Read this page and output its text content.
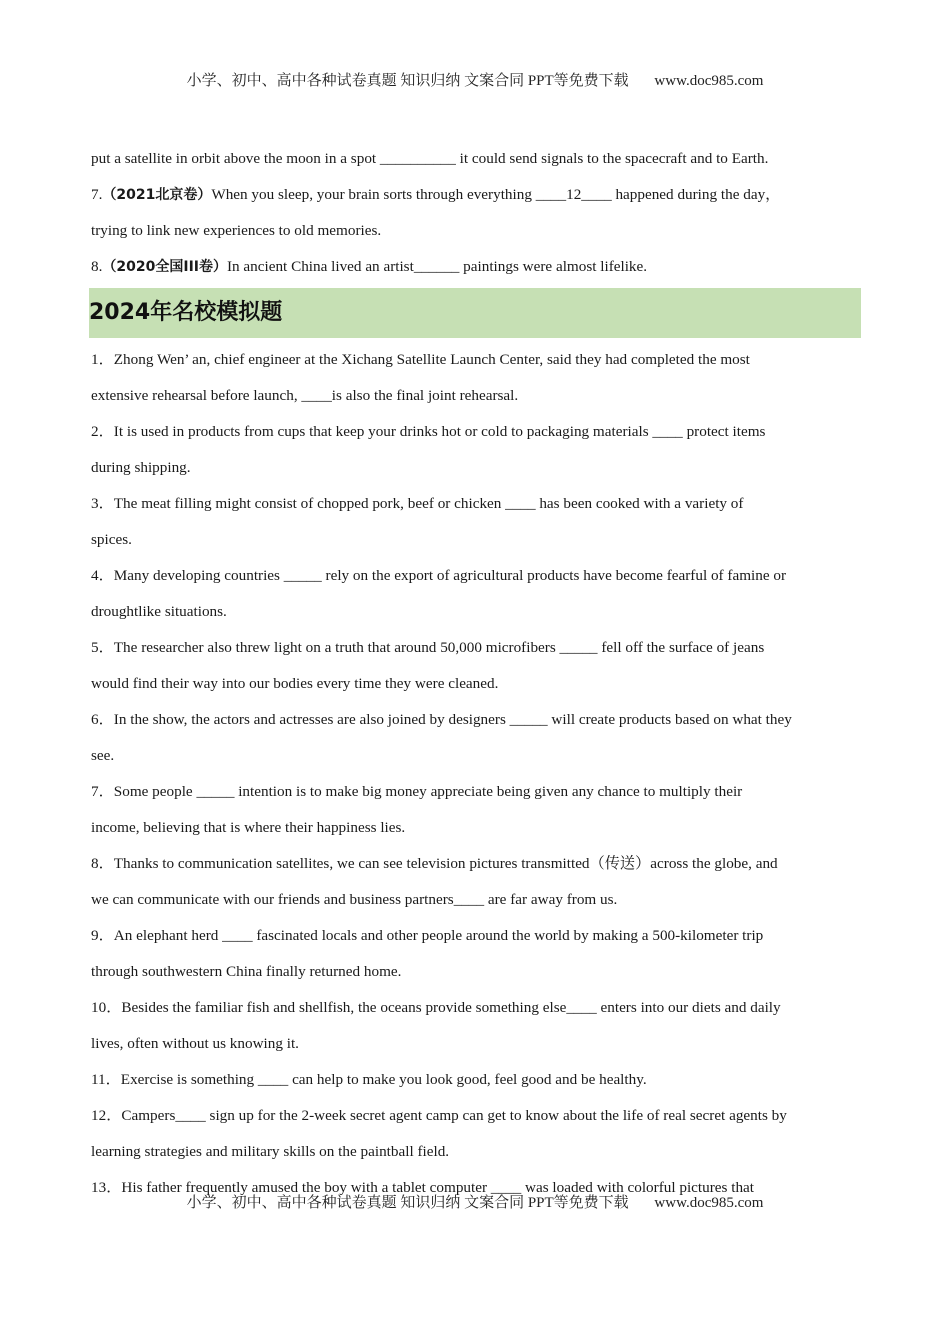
小学、初中、高中各种试卷真题 知识归纳 文案合同 PPT等免费下载 www.doc985.com

put a satellite in orbit above the moon in a spot __________ it could send signals to the spacecraft and to Earth.

7.（2021北京卷）When you sleep, your brain sorts through everything ____12____ happened during the day，

trying to link new experiences to old memories.

8.（2020全国III卷）In ancient China lived an artist______ paintings were almost lifelike.

2024年名校模拟题

1．Zhong Wen’ an, chief engineer at the Xichang Satellite Launch Center, said they had completed the most

extensive rehearsal before launch, ____is also the final joint rehearsal.

2．It is used in products from cups that keep your drinks hot or cold to packaging materials ____ protect items

during shipping.

3．The meat filling might consist of chopped pork, beef or chicken ____ has been cooked with a variety of

spices.

4．Many developing countries _____ rely on the export of agricultural products have become fearful of famine or

droughtlike situations.

5．The researcher also threw light on a truth that around 50,000 microfibers _____ fell off the surface of jeans

would find their way into our bodies every time they were cleaned.

6．In the show, the actors and actresses are also joined by designers _____ will create products based on what they

see.

7．Some people _____ intention is to make big money appreciate being given any chance to multiply their

income, believing that is where their happiness lies.

8．Thanks to communication satellites, we can see television pictures transmitted（传送）across the globe, and

we can communicate with our friends and business partners____ are far away from us.

9．An elephant herd ____ fascinated locals and other people around the world by making a 500-kilometer trip

through southwestern China finally returned home.

10．Besides the familiar fish and shellfish, the oceans provide something else____ enters into our diets and daily

lives, often without us knowing it.

11．Exercise is something ____ can help to make you look good, feel good and be healthy.

12．Campers____ sign up for the 2-week secret agent camp can get to know about the life of real secret agents by

learning strategies and military skills on the paintball field.

13．His father frequently amused the boy with a tablet computer ____ was loaded with colorful pictures that

小学、初中、高中各种试卷真题 知识归纳 文案合同 PPT等免费下载 www.doc985.com
